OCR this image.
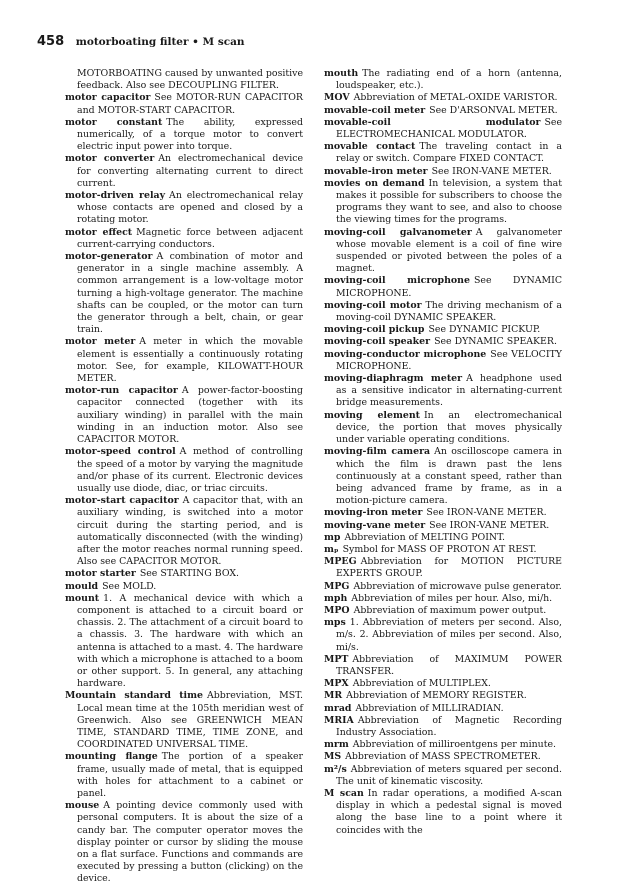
458 motorboating filter • M scan
MOTORBOATING caused by unwanted positive feedback. Also see DECOUPLING FILTER.
motor capacitor See MOTOR-RUN CAPACITOR and MOTOR-START CAPACITOR.
motor constant The ability, expressed numerically, of a torque motor to convert electric input power into torque.
motor converter An electromechanical device for converting alternating current to direct current.
motor-driven relay An electromechanical relay whose contacts are opened and closed by a rotating motor.
motor effect Magnetic force between adjacent current-carrying conductors.
motor-generator A combination of motor and generator in a single machine assembly. A common arrangement is a low-voltage motor turning a high-voltage generator. The machine shafts can be coupled, or the motor can turn the generator through a belt, chain, or gear train.
motor meter A meter in which the movable element is essentially a continuously rotating motor. See, for example, KILOWATT-HOUR METER.
motor-run capacitor A power-factor-boosting capacitor connected (together with its auxiliary winding) in parallel with the main winding in an induction motor. Also see CAPACITOR MOTOR.
motor-speed control A method of controlling the speed of a motor by varying the magnitude and/or phase of its current. Electronic devices usually use diode, diac, or triac circuits.
motor-start capacitor A capacitor that, with an auxiliary winding, is switched into a motor circuit during the starting period, and is automatically disconnected (with the winding) after the motor reaches normal running speed. Also see CAPACITOR MOTOR.
motor starter See STARTING BOX.
mould See MOLD.
mount 1. A mechanical device with which a component is attached to a circuit board or chassis. 2. The attachment of a circuit board to a chassis. 3. The hardware with which an antenna is attached to a mast. 4. The hardware with which a microphone is attached to a boom or other support. 5. In general, any attaching hardware.
Mountain standard time Abbreviation, MST. Local mean time at the 105th meridian west of Greenwich. Also see GREENWICH MEAN TIME, STANDARD TIME, TIME ZONE, and COORDINATED UNIVERSAL TIME.
mounting flange The portion of a speaker frame, usually made of metal, that is equipped with holes for attachment to a cabinet or panel.
mouse A pointing device commonly used with personal computers. It is about the size of a candy bar. The computer operator moves the display pointer or cursor by sliding the mouse on a flat surface. Functions and commands are executed by pressing a button (clicking) on the device.
mouth The radiating end of a horn (antenna, loudspeaker, etc.).
MOV Abbreviation of METAL-OXIDE VARISTOR.
movable-coil meter See D'ARSONVAL METER.
movable-coil modulator See ELECTROMECHANICAL MODULATOR.
movable contact The traveling contact in a relay or switch. Compare FIXED CONTACT.
movable-iron meter See IRON-VANE METER.
movies on demand In television, a system that makes it possible for subscribers to choose the programs they want to see, and also to choose the viewing times for the programs.
moving-coil galvanometer A galvanometer whose movable element is a coil of fine wire suspended or pivoted between the poles of a magnet.
moving-coil microphone See DYNAMIC MICROPHONE.
moving-coil motor The driving mechanism of a moving-coil DYNAMIC SPEAKER.
moving-coil pickup See DYNAMIC PICKUP.
moving-coil speaker See DYNAMIC SPEAKER.
moving-conductor microphone See VELOCITY MICROPHONE.
moving-diaphragm meter A headphone used as a sensitive indicator in alternating-current bridge measurements.
moving element In an electromechanical device, the portion that moves physically under variable operating conditions.
moving-film camera An oscilloscope camera in which the film is drawn past the lens continuously at a constant speed, rather than being advanced frame by frame, as in a motion-picture camera.
moving-iron meter See IRON-VANE METER.
moving-vane meter See IRON-VANE METER.
mp Abbreviation of MELTING POINT.
mₚ Symbol for MASS OF PROTON AT REST.
MPEG Abbreviation for MOTION PICTURE EXPERTS GROUP.
MPG Abbreviation of microwave pulse generator.
mph Abbreviation of miles per hour. Also, mi/h.
MPO Abbreviation of maximum power output.
mps 1. Abbreviation of meters per second. Also, m/s. 2. Abbreviation of miles per second. Also, mi/s.
MPT Abbreviation of MAXIMUM POWER TRANSFER.
MPX Abbreviation of MULTIPLEX.
MR Abbreviation of MEMORY REGISTER.
mrad Abbreviation of MILLIRADIAN.
MRIA Abbreviation of Magnetic Recording Industry Association.
mrm Abbreviation of milliroentgens per minute.
MS Abbreviation of MASS SPECTROMETER.
m²/s Abbreviation of meters squared per second. The unit of kinematic viscosity.
M scan In radar operations, a modified A-scan display in which a pedestal signal is moved along the base line to a point where it coincides with the
